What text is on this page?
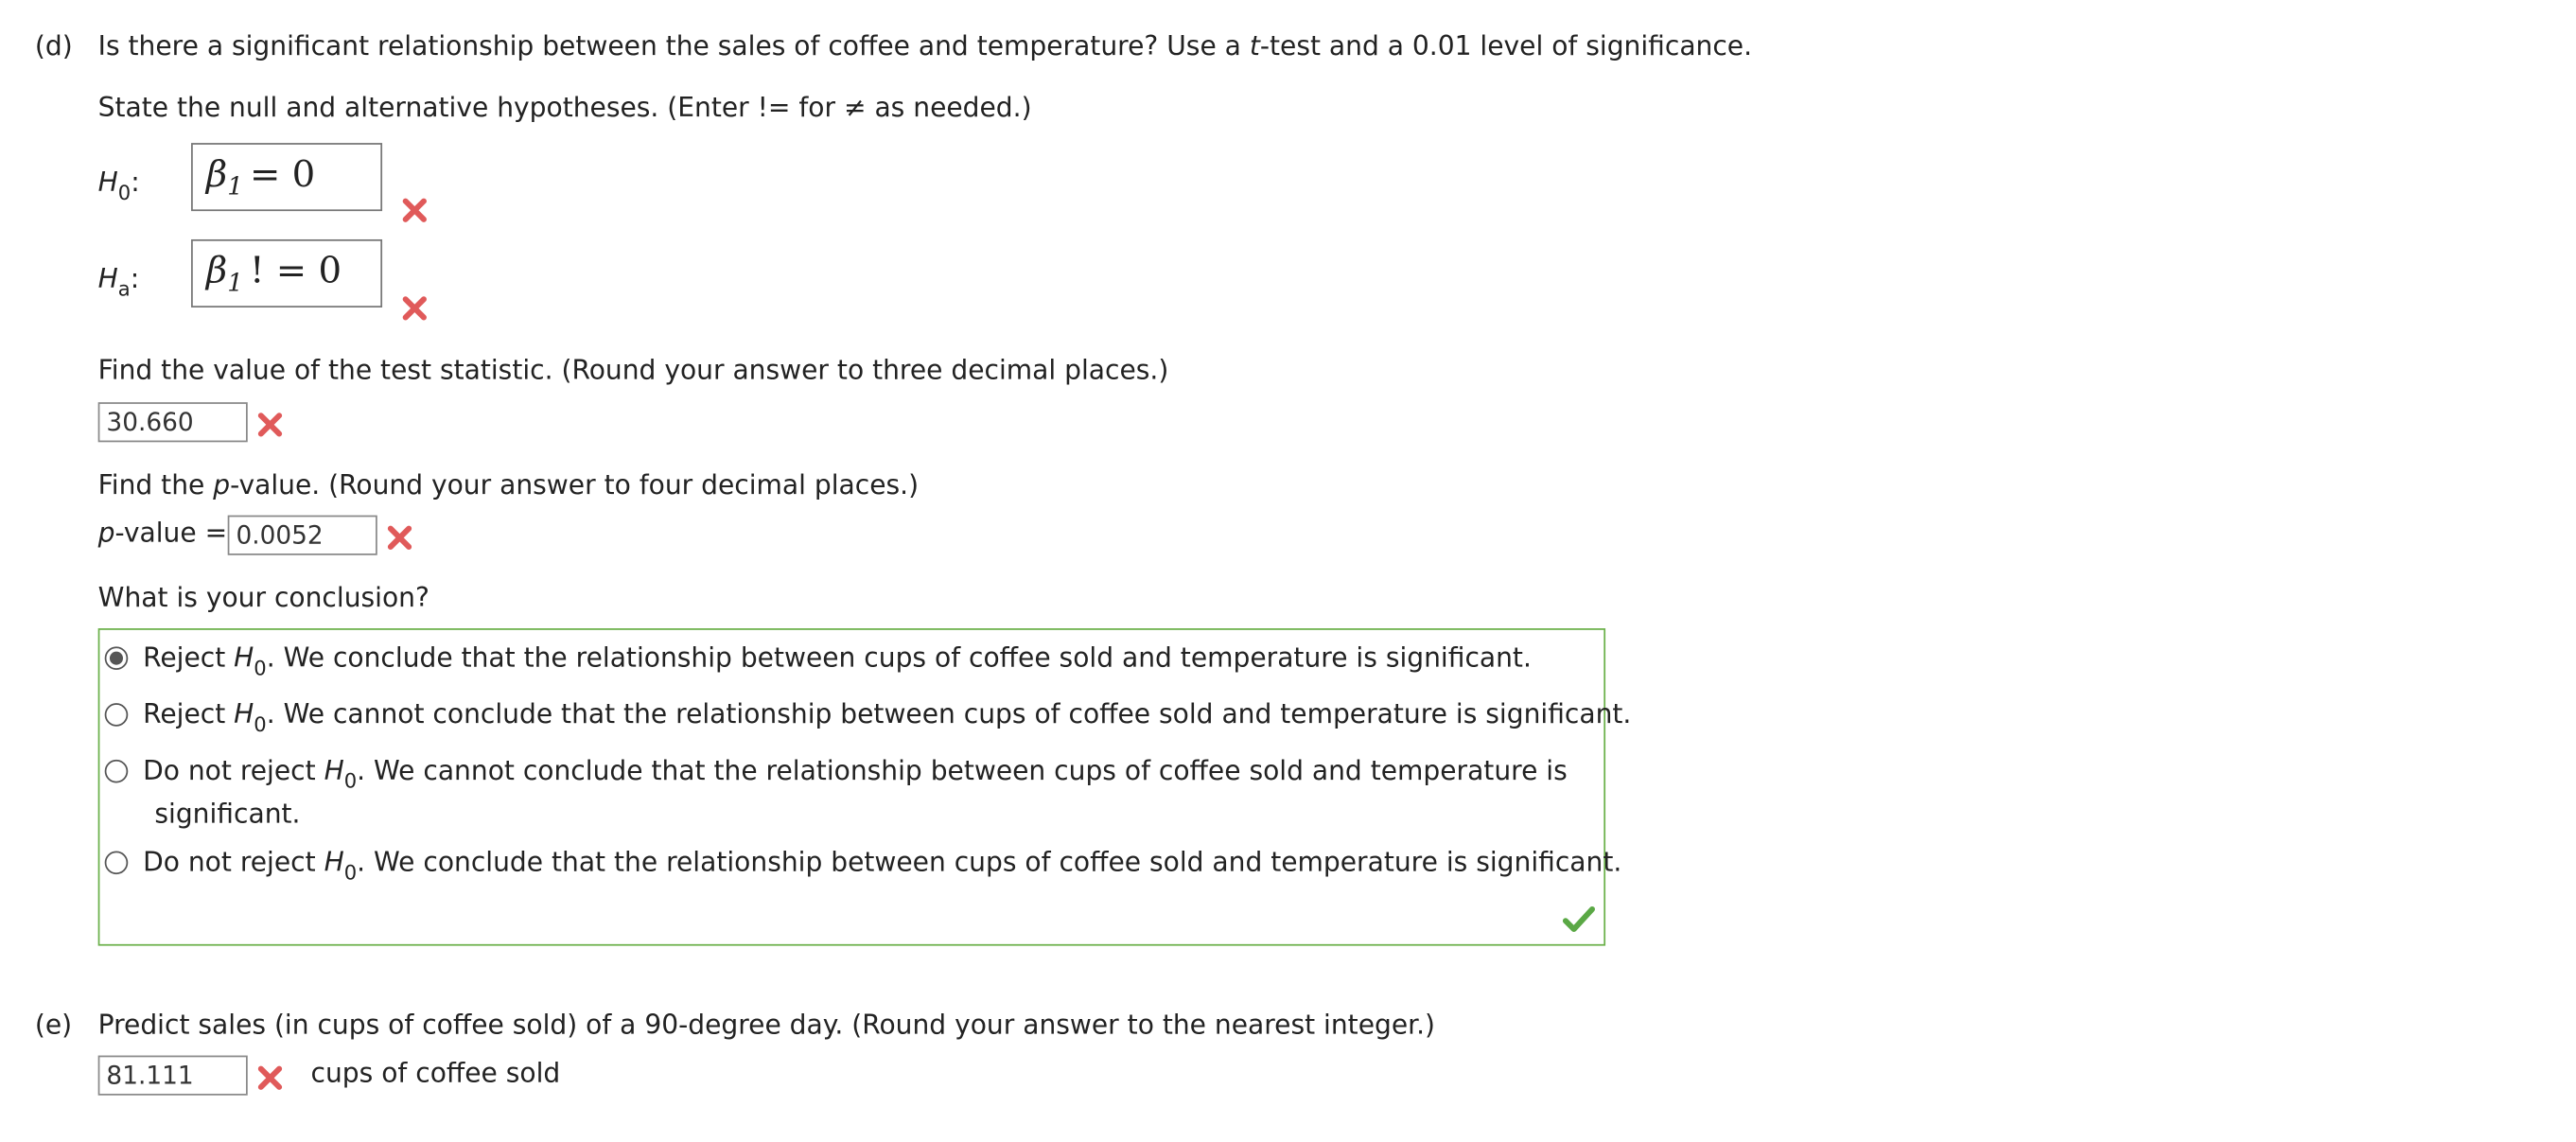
(d) Is there a significant relationship between the sales of coffee and temperature? Use a t-test and a 0.01 level of significance.
State the null and alternative hypotheses. (Enter != for ≠ as needed.)
$H_0$:	$\beta_1 = 0$
$H_a$:	$\beta_1$ ! = 0
Find the value of the test statistic. (Round your answer to three decimal places.)
30.660
Find the p-value. (Round your answer to four decimal places.)
p-value =
0.0052
What is your conclusion?
Reject $H_0$. We conclude that the relationship between cups of coffee sold and temperature is significant.
Reject $H_0$. We cannot conclude that the relationship between cups of coffee sold and temperature is significant.
Do not reject $H_0$. We cannot conclude that the relationship between cups of coffee sold and temperature is
significant.
Do not reject $H_0$. We conclude that the relationship between cups of coffee sold and temperature is significant.
(e) Predict sales (in cups of coffee sold) of a 90-degree day. (Round your answer to the nearest integer.)
81.111
cups of coffee sold
